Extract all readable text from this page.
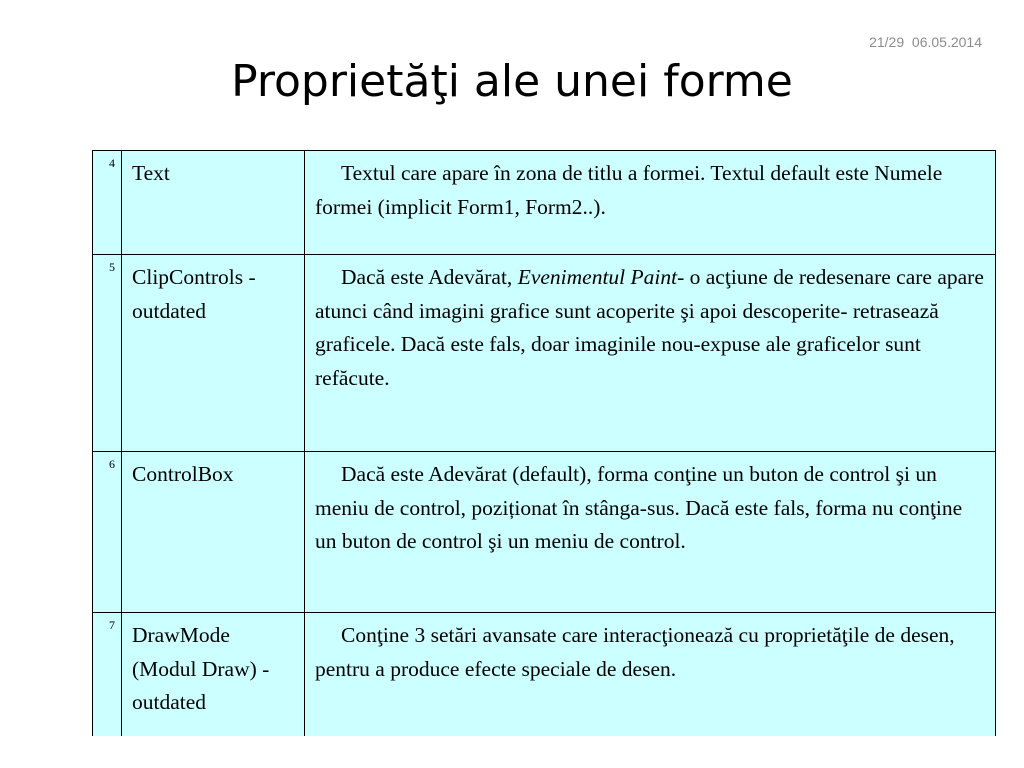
21/29 06.05.2014
Proprietăţi ale unei forme
4	Text	Textul care apare în zona de titlu a formei. Textul default este Numele formei (implicit Form1, Form2..).
5	ClipControls - outdated	Dacă este Adevărat, Evenimentul Paint- o acţiune de redesenare care apare atunci când imagini grafice sunt acoperite şi apoi descoperite- retrasează graficele. Dacă este fals, doar imaginile nou-expuse ale graficelor sunt refăcute.
6	ControlBox	Dacă este Adevărat (default), forma conţine un buton de control şi un meniu de control, poziționat în stânga-sus. Dacă este fals, forma nu conţine un buton de control şi un meniu de control.
7	DrawMode (Modul Draw) -outdated	Conţine 3 setări avansate care interacţionează cu proprietăţile de desen, pentru a produce efecte speciale de desen.
